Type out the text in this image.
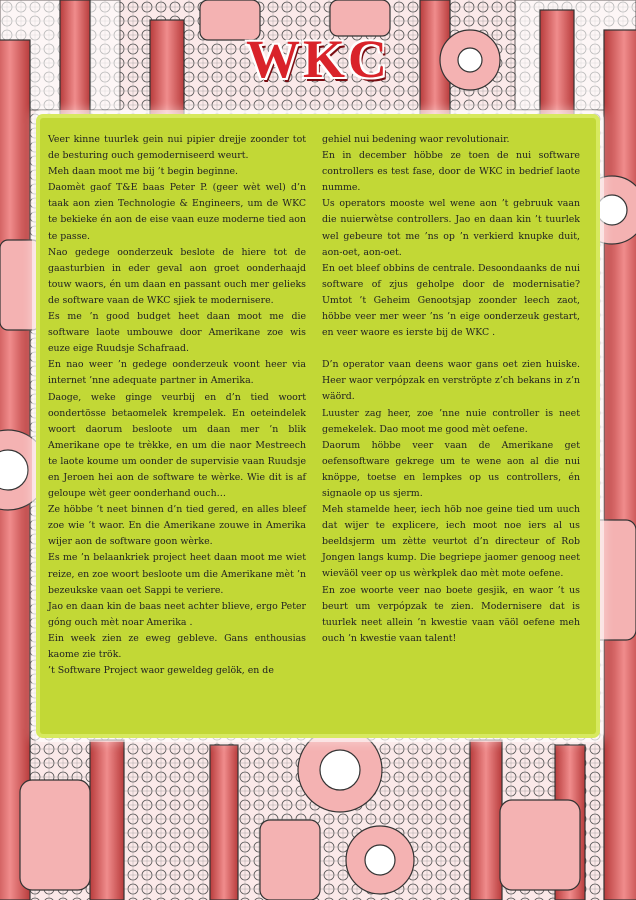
WKC

Veer kinne tuurlek gein nui pipier drejje zoonder tot de besturing ouch gemoderniseerd weurt.

Meh daan moot me bij ’t begin beginne.

Daomèt gaof T&E baas Peter P. (geer wèt wel) d’n taak aon zien Technologie & Engineers, um de WKC te bekieke én aon de eise vaan euze moderne tied aon te passe.

Nao gedege oonderzeuk beslote de hiere tot de gaasturbien in eder geval aon groet oonderhaajd touw waors, én um daan en passant ouch mer gelieks de software vaan de WKC sjiek te modernisere.

Es me ’n good budget heet daan moot me die software laote umbouwe door Amerikane zoe wis euze eige Ruudsje Schafraad.

En nao weer ’n gedege oonderzeuk voont heer via internet ’nne adequate partner in Amerika.

Daoge, weke ginge veurbij en d’n tied woort oondertösse betaomelek krempelek. En oeteindelek woort daorum besloote um daan mer ’n blik Amerikane ope te trèkke, en um die naor Mestreech te laote koume um oonder de supervisie vaan Ruudsje en Jeroen hei aon de software te wèrke. Wie dit is af geloupe wèt geer oonderhand ouch…

Ze höbbe ’t neet binnen d’n tied gered, en alles bleef zoe wie ’t waor. En die Amerikane zouwe in Amerika wijer aon de software goon wèrke.

Es me ’n belaankriek project heet daan moot me wiet reize, en zoe woort besloote um die Amerikane mèt ’n bezeukske vaan oet Sappi te veriere.

Jao en daan kin de baas neet achter blieve, ergo Peter góng ouch mèt noar Amerika .

Ein week zien ze eweg gebleve. Gans enthousias kaome zie trök.

’t Software Project waor geweldeg gelök, en de

gehiel nui bedening waor revolutionair.

En in december höbbe ze toen de nui software controllers es test fase, door de WKC in bedrief laote numme.

Us operators mooste wel wene aon ’t gebruuk vaan die nuierwètse controllers. Jao en daan kin ’t tuurlek wel gebeure tot me ’ns op ’n verkierd knupke duit, aon-oet, aon-oet.

En oet bleef obbins de centrale. Desoondaanks de nui software of zjus geholpe door de modernisatie? Umtot ’t Geheim Genootsjap zoonder leech zaot, höbbe veer mer weer ’ns ’n eige oonderzeuk gestart, en veer waore es ierste bij de WKC .

D’n operator vaan deens waor gans oet zien huiske. Heer waor verpópzak en verströpte z’ch bekans in z’n wäörd.

Luuster zag heer, zoe ’nne nuie controller is neet gemekelek. Dao moot me good mèt oefene.

Daorum höbbe veer vaan de Amerikane get oefensoftware gekrege um te wene aon al die nui knöppe, toetse en lempkes op us controllers, én signaole op us sjerm.

Meh stamelde heer, iech höb noe geine tied um uuch dat wijer te explicere, iech moot noe iers al us beeldsjerm um zètte veurtot d’n directeur of Rob Jongen langs kump. Die begriepe jaomer genoog neet wieväöl veer op us wèrkplek dao mèt mote oefene.

En zoe woorte veer nao boete gesjik, en waor ’t us beurt um verpópzak te zien. Modernisere dat is tuurlek neet allein ’n kwestie vaan väöl oefene meh ouch ’n kwestie vaan talent!
